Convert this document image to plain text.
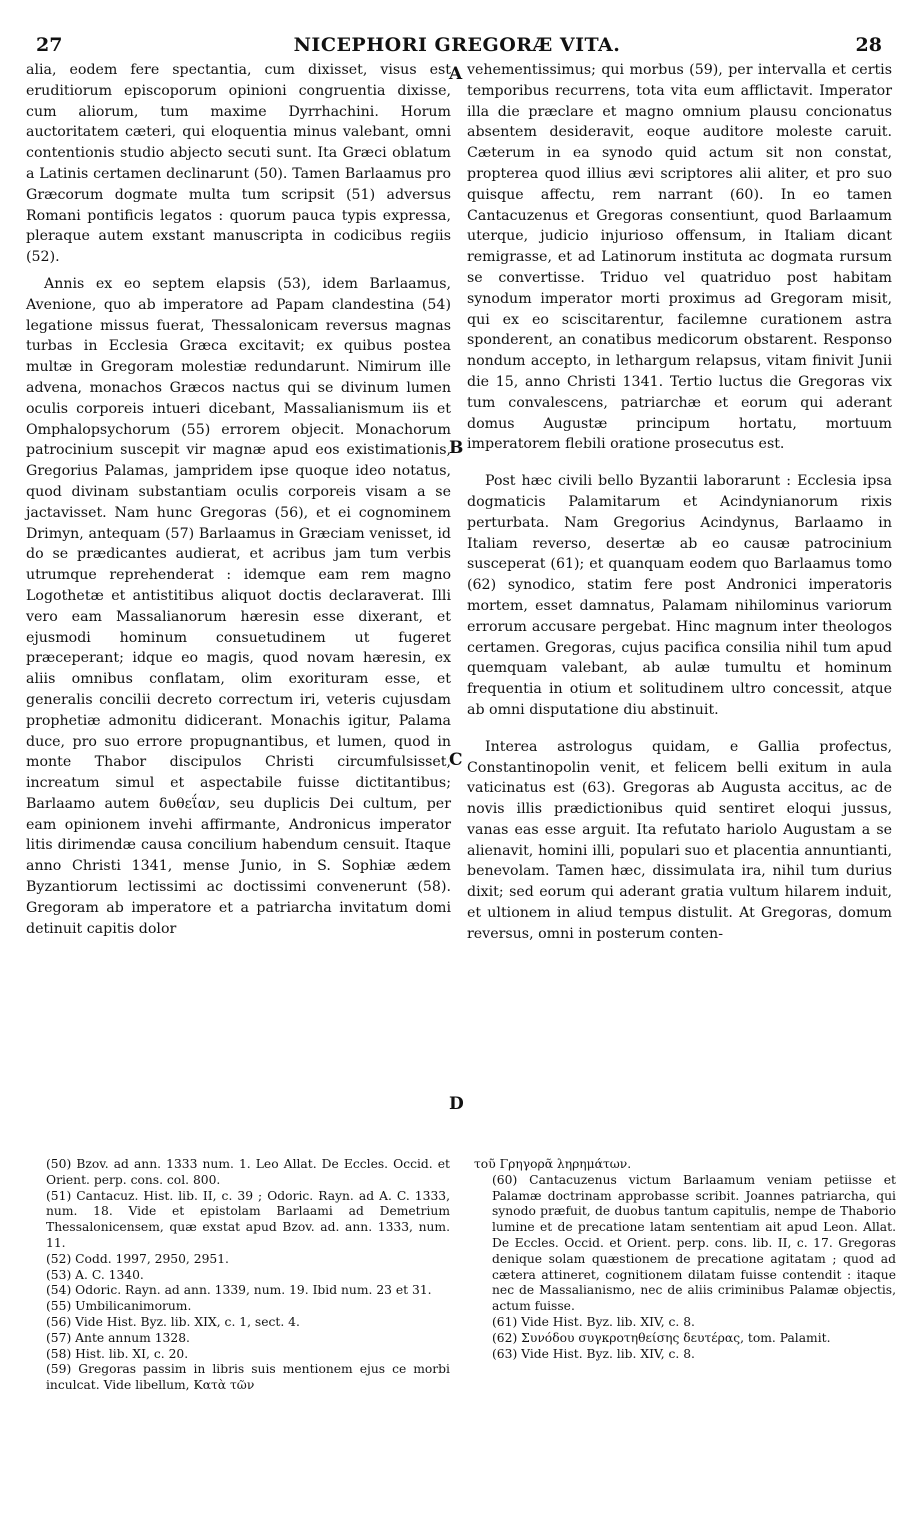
27	NICEPHORI GREGORÆ VITA.	28
A
B
C
D

alia, eodem fere spectantia, cum dixisset, visus est eruditiorum episcoporum opinioni congruentia dixisse, cum aliorum, tum maxime Dyrrhachini. Horum auctoritatem cæteri, qui eloquentia minus valebant, omni contentionis studio abjecto secuti sunt. Ita Græci oblatum a Latinis certamen declinarunt (50). Tamen Barlaamus pro Græcorum dogmate multa tum scripsit (51) adversus Romani pontificis legatos : quorum pauca typis expressa, pleraque autem exstant manuscripta in codicibus regiis (52).

Annis ex eo septem elapsis (53), idem Barlaamus, Avenione, quo ab imperatore ad Papam clandestina (54) legatione missus fuerat, Thessalonicam reversus magnas turbas in Ecclesia Græca excitavit; ex quibus postea multæ in Gregoram molestiæ redundarunt. Nimirum ille advena, monachos Græcos nactus qui se divinum lumen oculis corporeis intueri dicebant, Massalianismum iis et Omphalopsychorum (55) errorem objecit. Monachorum patrocinium suscepit vir magnæ apud eos existimationis, Gregorius Palamas, jampridem ipse quoque ideo notatus, quod divinam substantiam oculis corporeis visam a se jactavisset. Nam hunc Gregoras (56), et ei cognominem Drimyn, antequam (57) Barlaamus in Græciam venisset, id do se prædicantes audierat, et acribus jam tum verbis utrumque reprehenderat : idemque eam rem magno Logothetæ et antistitibus aliquot doctis declaraverat. Illi vero eam Massalianorum hæresin esse dixerant, et ejusmodi hominum consuetudinem ut fugeret præceperant; idque eo magis, quod novam hæresin, ex aliis omnibus conflatam, olim exorituram esse, et generalis concilii decreto correctum iri, veteris cujusdam prophetiæ admonitu didicerant. Monachis igitur, Palama duce, pro suo errore propugnantibus, et lumen, quod in monte Thabor discipulos Christi circumfulsisset, increatum simul et aspectabile fuisse dictitantibus; Barlaamo autem δυθεΐαν, seu duplicis Dei cultum, per eam opinionem invehi affirmante, Andronicus imperator litis dirimendæ causa concilium habendum censuit. Itaque anno Christi 1341, mense Junio, in S. Sophiæ ædem Byzantiorum lectissimi ac doctissimi convenerunt (58). Gregoram ab imperatore et a patriarcha invitatum domi detinuit capitis dolor

vehementissimus; qui morbus (59), per intervalla et certis temporibus recurrens, tota vita eum afflictavit. Imperator illa die præclare et magno omnium plausu concionatus absentem desideravit, eoque auditore moleste caruit. Cæterum in ea synodo quid actum sit non constat, propterea quod illius ævi scriptores alii aliter, et pro suo quisque affectu, rem narrant (60). In eo tamen Cantacuzenus et Gregoras consentiunt, quod Barlaamum uterque, judicio injurioso offensum, in Italiam dicant remigrasse, et ad Latinorum instituta ac dogmata rursum se convertisse. Triduo vel quatriduo post habitam synodum imperator morti proximus ad Gregoram misit, qui ex eo sciscitarentur, facilemne curationem astra sponderent, an conatibus medicorum obstarent. Responso nondum accepto, in lethargum relapsus, vitam finivit Junii die 15, anno Christi 1341. Tertio luctus die Gregoras vix tum convalescens, patriarchæ et eorum qui aderant domus Augustæ principum hortatu, mortuum imperatorem flebili oratione prosecutus est.

Post hæc civili bello Byzantii laborarunt : Ecclesia ipsa dogmaticis Palamitarum et Acindynianorum rixis perturbata. Nam Gregorius Acindynus, Barlaamo in Italiam reverso, desertæ ab eo causæ patrocinium susceperat (61); et quanquam eodem quo Barlaamus tomo (62) synodico, statim fere post Andronici imperatoris mortem, esset damnatus, Palamam nihilominus variorum errorum accusare pergebat. Hinc magnum inter theologos certamen. Gregoras, cujus pacifica consilia nihil tum apud quemquam valebant, ab aulæ tumultu et hominum frequentia in otium et solitudinem ultro concessit, atque ab omni disputatione diu abstinuit.

Interea astrologus quidam, e Gallia profectus, Constantinopolin venit, et felicem belli exitum in aula vaticinatus est (63). Gregoras ab Augusta accitus, ac de novis illis prædictionibus quid sentiret eloqui jussus, vanas eas esse arguit. Ita refutato hariolo Augustam a se alienavit, homini illi, populari suo et placentia annuntianti, benevolam. Tamen hæc, dissimulata ira, nihil tum durius dixit; sed eorum qui aderant gratia vultum hilarem induit, et ultionem in aliud tempus distulit. At Gregoras, domum reversus, omni in posterum conten-

(50) Bzov. ad ann. 1333 num. 1. Leo Allat. De Eccles. Occid. et Orient. perp. cons. col. 800.

(51) Cantacuz. Hist. lib. II, c. 39 ; Odoric. Rayn. ad A. C. 1333, num. 18. Vide et epistolam Barlaami ad Demetrium Thessalonicensem, quæ exstat apud Bzov. ad. ann. 1333, num. 11.

(52) Codd. 1997, 2950, 2951.

(53) A. C. 1340.

(54) Odoric. Rayn. ad ann. 1339, num. 19. Ibid num. 23 et 31.

(55) Umbilicanimorum.

(56) Vide Hist. Byz. lib. XIX, c. 1, sect. 4.

(57) Ante annum 1328.

(58) Hist. lib. XI, c. 20.

(59) Gregoras passim in libris suis mentionem ejus ce morbi inculcat. Vide libellum, Κατὰ τῶν

τοῦ Γρηγορᾶ ληρημάτων.

(60) Cantacuzenus victum Barlaamum veniam petiisse et Palamæ doctrinam approbasse scribit. Joannes patriarcha, qui synodo præfuit, de duobus tantum capitulis, nempe de Thaborio lumine et de precatione latam sententiam ait apud Leon. Allat. De Eccles. Occid. et Orient. perp. cons. lib. II, c. 17. Gregoras denique solam quæstionem de precatione agitatam ; quod ad cætera attineret, cognitionem dilatam fuisse contendit : itaque nec de Massalianismo, nec de aliis criminibus Palamæ objectis, actum fuisse.

(61) Vide Hist. Byz. lib. XIV, c. 8.

(62) Συνόδου συγκροτηθείσης δευτέρας, tom. Palamit.

(63) Vide Hist. Byz. lib. XIV, c. 8.
